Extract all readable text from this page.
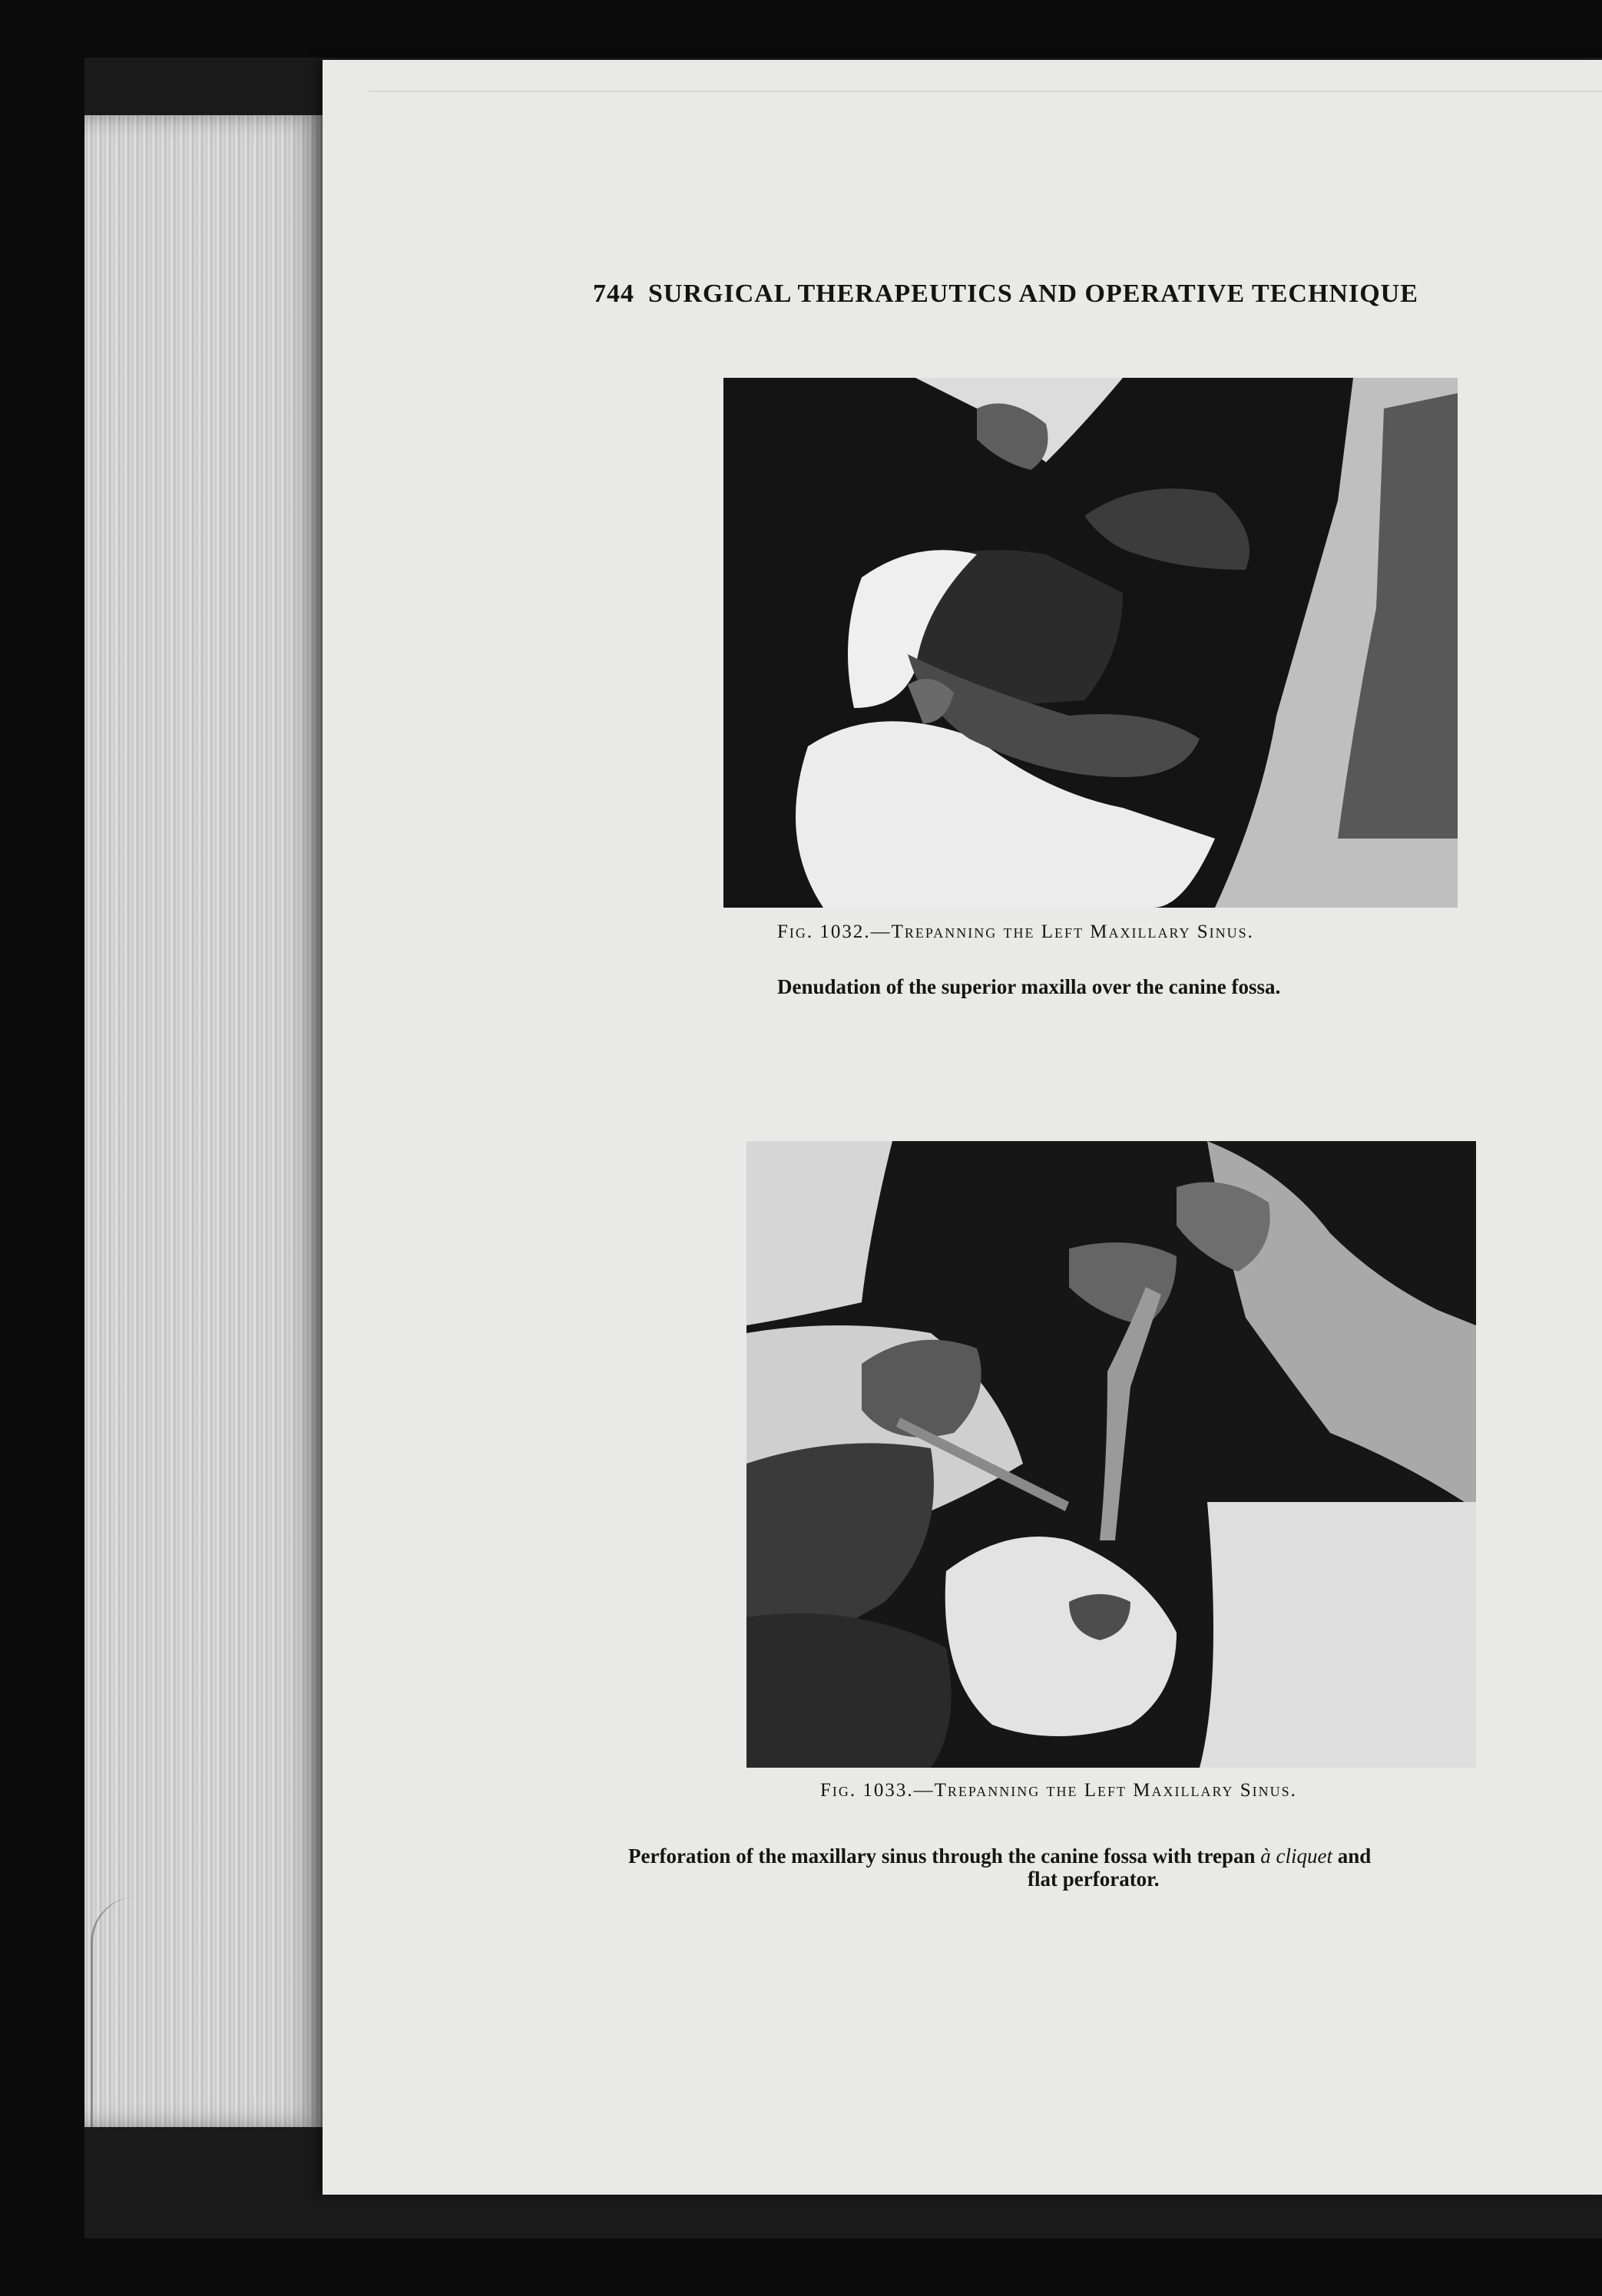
744 SURGICAL THERAPEUTICS AND OPERATIVE TECHNIQUE

Fig. 1032.—Trepanning the Left Maxillary Sinus.

Denudation of the superior maxilla over the canine fossa.

Fig. 1033.—Trepanning the Left Maxillary Sinus.

Perforation of the maxillary sinus through the canine fossa with trepan à cliquet and

flat perforator.
